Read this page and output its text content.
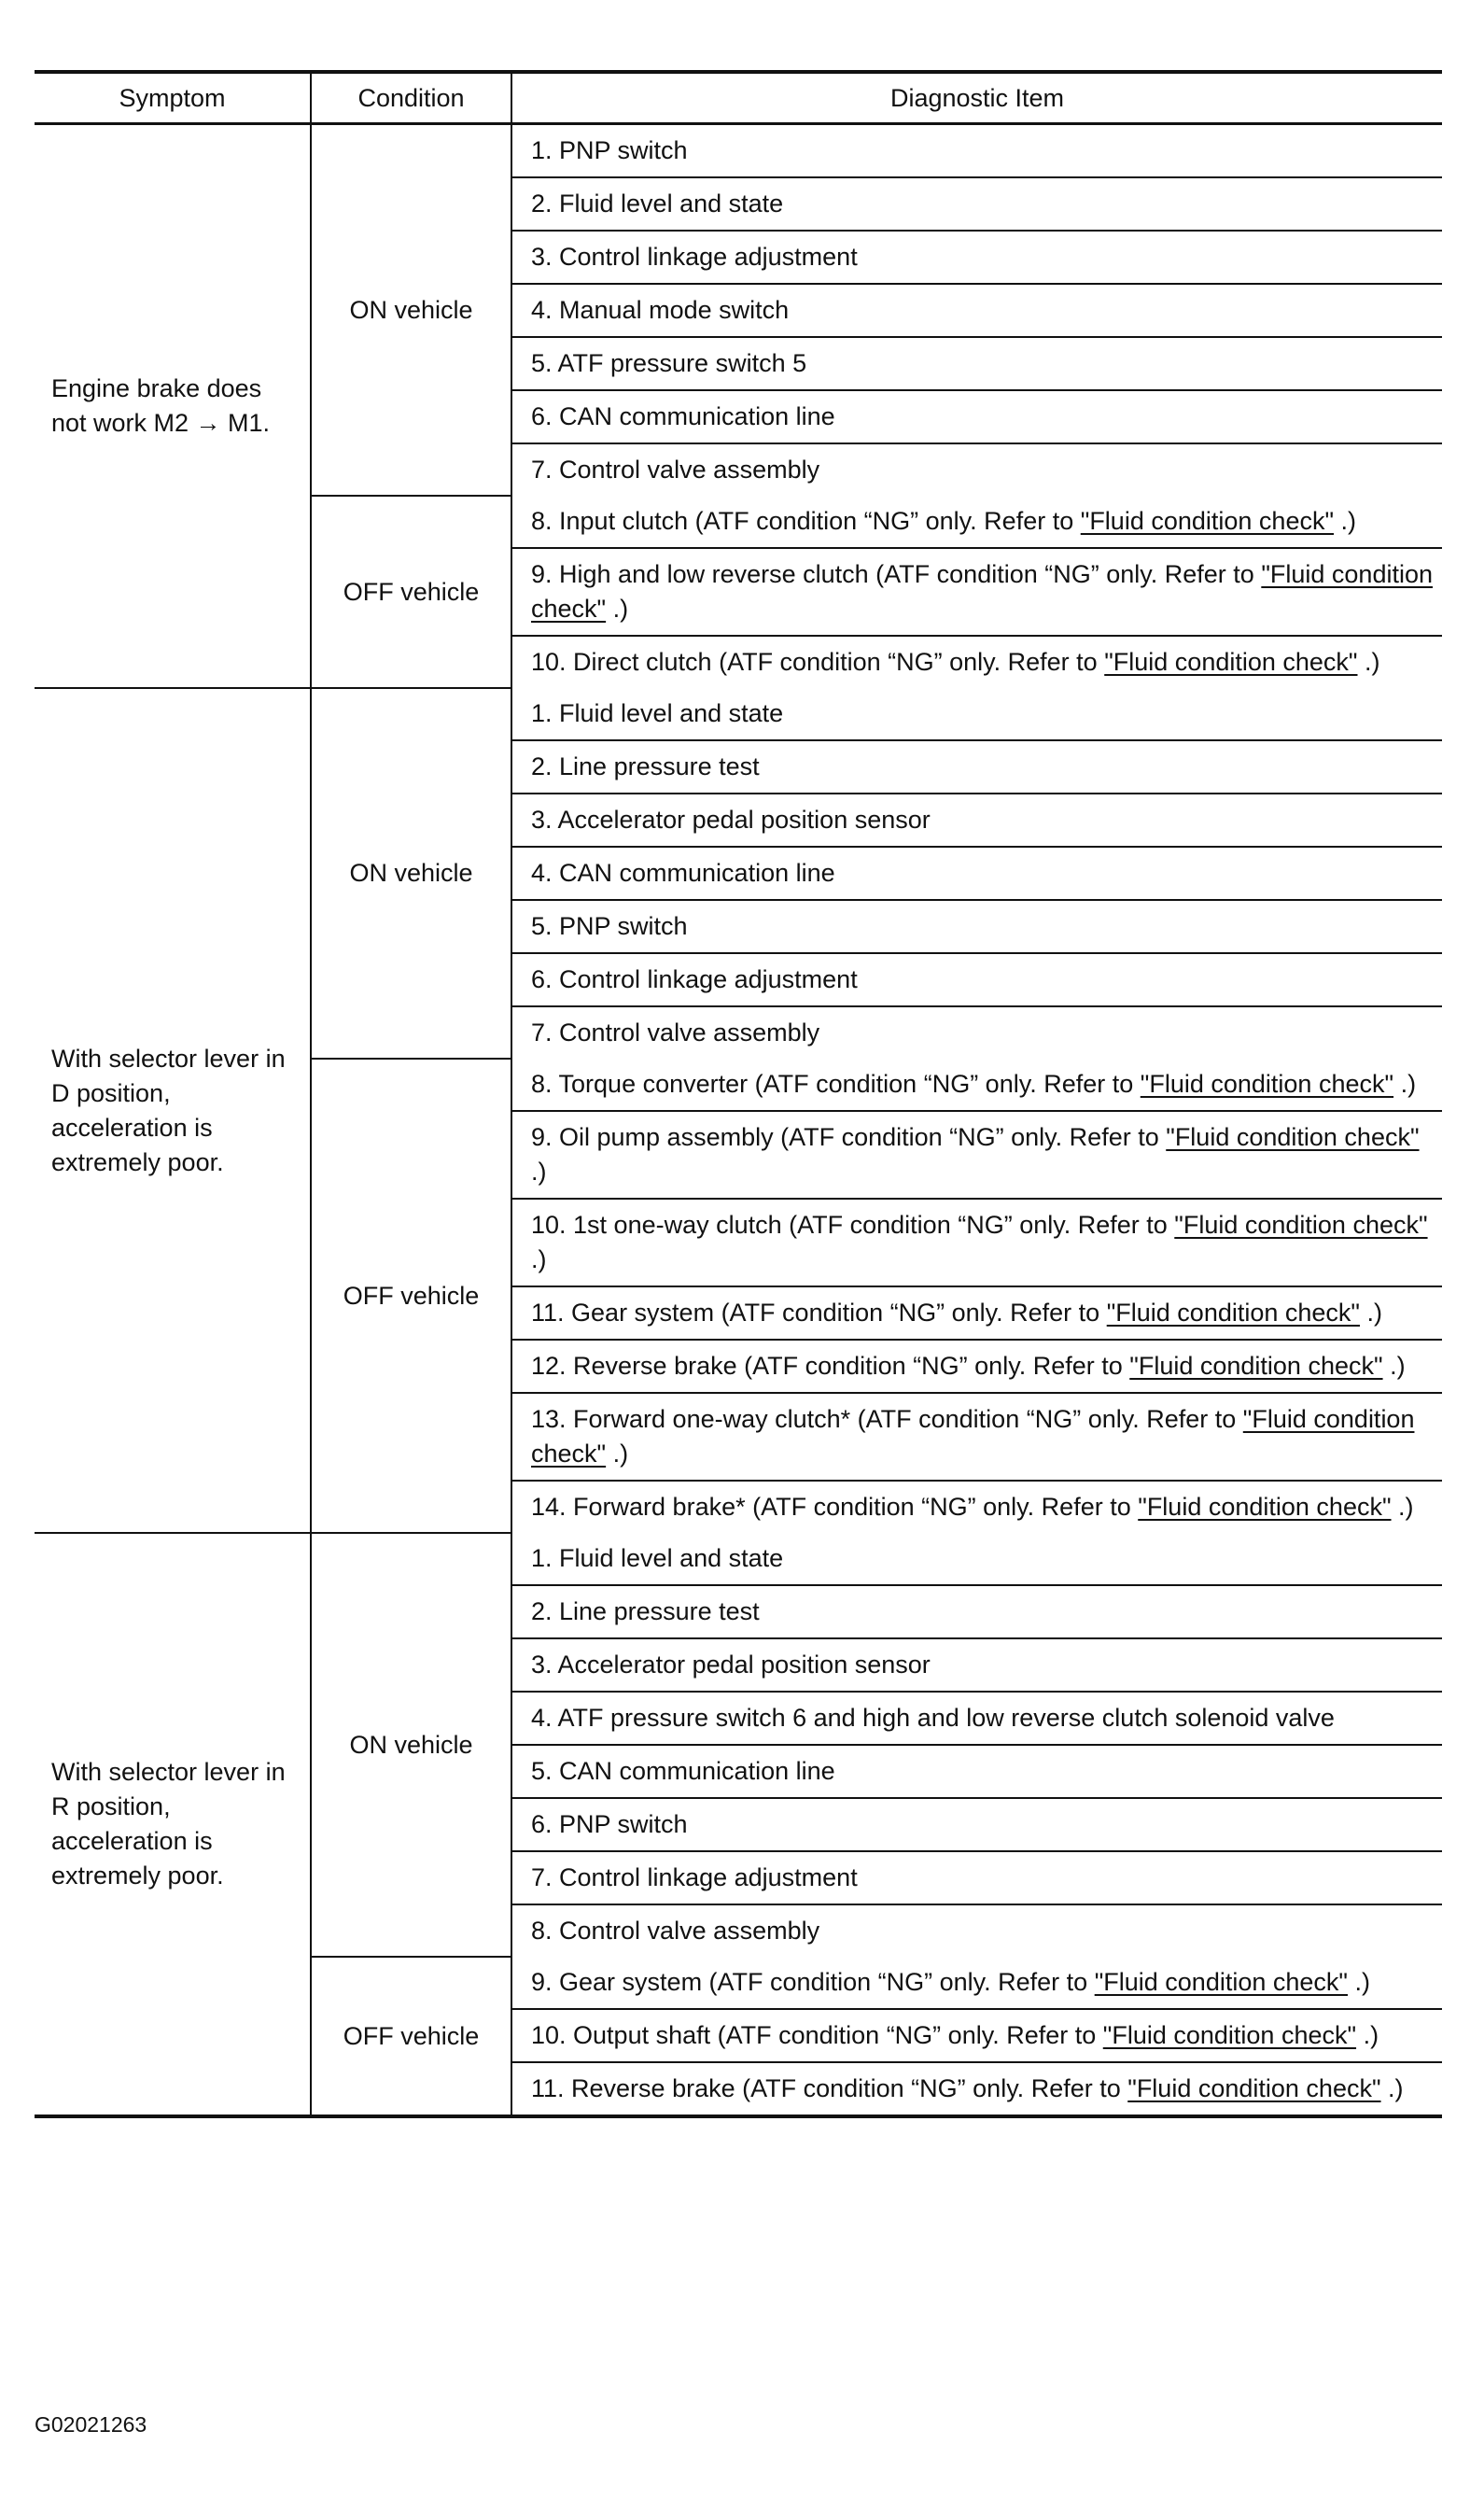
Symptom	Condition	Diagnostic Item
Engine brake does not work M2 → M1.	ON vehicle	1. PNP switch
		2. Fluid level and state
		3. Control linkage adjustment
		4. Manual mode switch
		5. ATF pressure switch 5
		6. CAN communication line
		7. Control valve assembly
	OFF vehicle	8. Input clutch (ATF condition “NG” only. Refer to "Fluid condition check" .)
		9. High and low reverse clutch (ATF condition “NG” only. Refer to "Fluid condition check" .)
		10. Direct clutch (ATF condition “NG” only. Refer to "Fluid condition check" .)
With selector lever in D position, acceleration is extremely poor.	ON vehicle	1. Fluid level and state
		2. Line pressure test
		3. Accelerator pedal position sensor
		4. CAN communication line
		5. PNP switch
		6. Control linkage adjustment
		7. Control valve assembly
	OFF vehicle	8. Torque converter (ATF condition “NG” only. Refer to "Fluid condition check" .)
		9. Oil pump assembly (ATF condition “NG” only. Refer to "Fluid condition check" .)
		10. 1st one-way clutch (ATF condition “NG” only. Refer to "Fluid condition check" .)
		11. Gear system (ATF condition “NG” only. Refer to "Fluid condition check" .)
		12. Reverse brake (ATF condition “NG” only. Refer to "Fluid condition check" .)
		13. Forward one-way clutch* (ATF condition “NG” only. Refer to "Fluid condition check" .)
		14. Forward brake* (ATF condition “NG” only. Refer to "Fluid condition check" .)
With selector lever in R position, acceleration is extremely poor.	ON vehicle	1. Fluid level and state
		2. Line pressure test
		3. Accelerator pedal position sensor
		4. ATF pressure switch 6 and high and low reverse clutch solenoid valve
		5. CAN communication line
		6. PNP switch
		7. Control linkage adjustment
		8. Control valve assembly
	OFF vehicle	9. Gear system (ATF condition “NG” only. Refer to "Fluid condition check" .)
		10. Output shaft (ATF condition “NG” only. Refer to "Fluid condition check" .)
		11. Reverse brake (ATF condition “NG” only. Refer to "Fluid condition check" .)
G02021263
